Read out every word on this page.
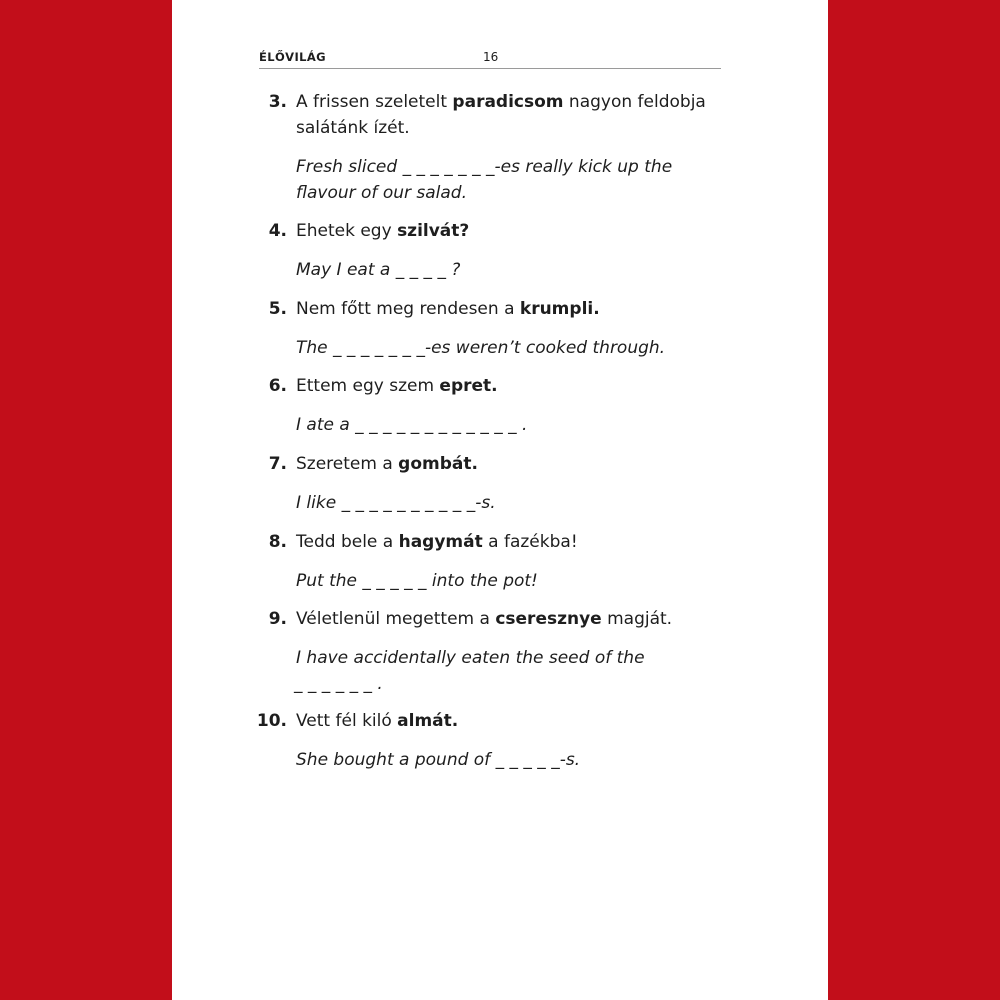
ÉLŐVILÁG	16
3. A frissen szeletelt paradicsom nagyon feldobja salátánk ízét.
Fresh sliced _ _ _ _ _ _ _-es really kick up the
flavour of our salad.
4. Ehetek egy szilvát?
May I eat a _ _ _ _ ?
5. Nem főtt meg rendesen a krumpli.
The _ _ _ _ _ _ _-es weren’t cooked through.
6. Ettem egy szem epret.
I ate a _ _ _ _ _ _ _ _ _ _ _ _ .
7. Szeretem a gombát.
I like _ _ _ _ _ _ _ _ _ _-s.
8. Tedd bele a hagymát a fazékba!
Put the _ _ _ _ _ into the pot!
9. Véletlenül megettem a cseresznye magját.
I have accidentally eaten the seed of the
_ _ _ _ _ _ .
10. Vett fél kiló almát.
She bought a pound of _ _ _ _ _-s.
